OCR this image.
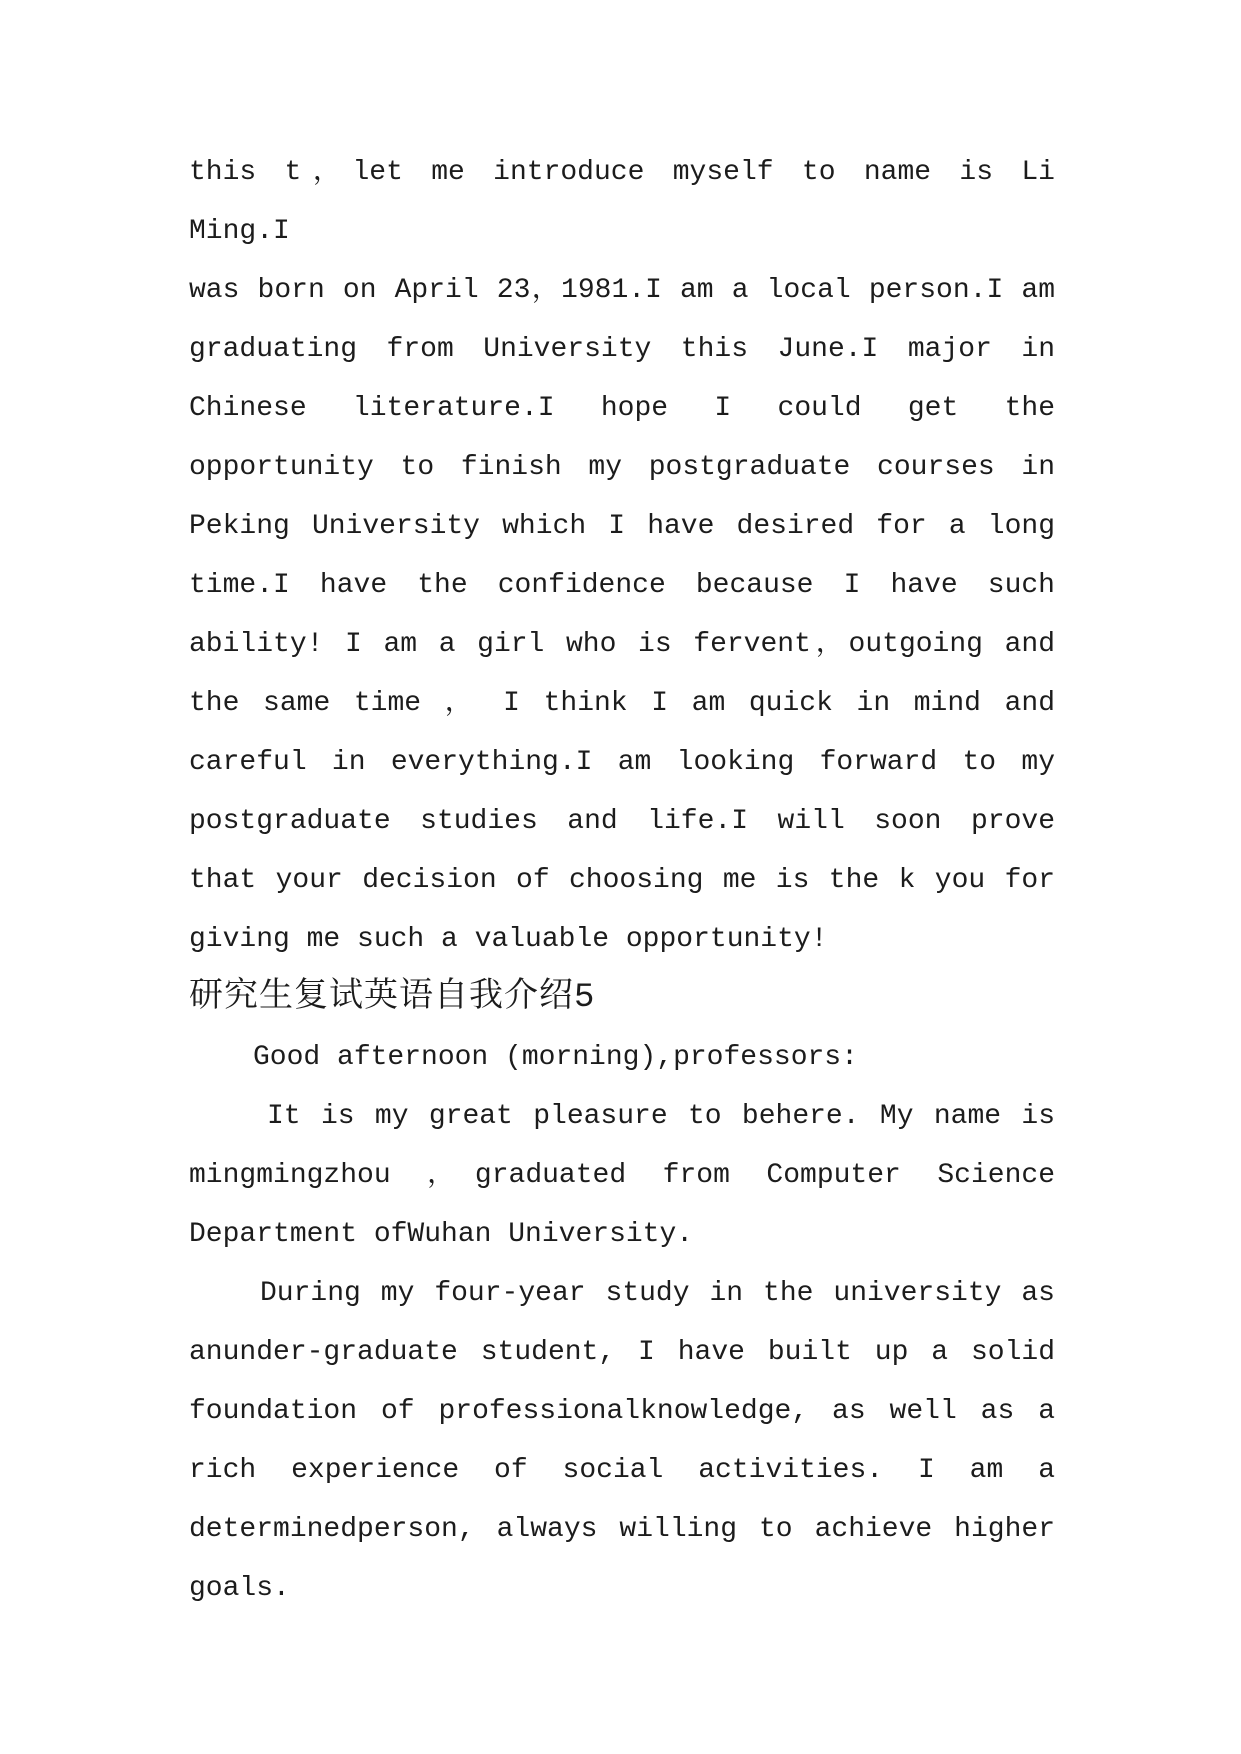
this t，let me introduce myself to name is Li Ming.I
was born on April 23，1981.I am a local person.I am
graduating from University this June.I major in
Chinese literature.I hope I could get the
opportunity to finish my postgraduate courses in
Peking University which I have desired for a long
time.I have the confidence because I have such
ability! I am a girl who is fervent，outgoing and
the same time ， I think I am quick in mind and
careful in everything.I am looking forward to my
postgraduate studies and life.I will soon prove
that your decision of choosing me is the k you for
giving me such a valuable opportunity!
研究生复试英语自我介绍5
Good afternoon (morning),professors:
It is my great pleasure to behere. My name is
mingmingzhou ，graduated from Computer Science
Department ofWuhan University.
During my four-year study in the university as
anunder-graduate student, I have built up a solid
foundation of professionalknowledge, as well as a
rich experience of social activities. I am a
determinedperson, always willing to achieve higher
goals.
